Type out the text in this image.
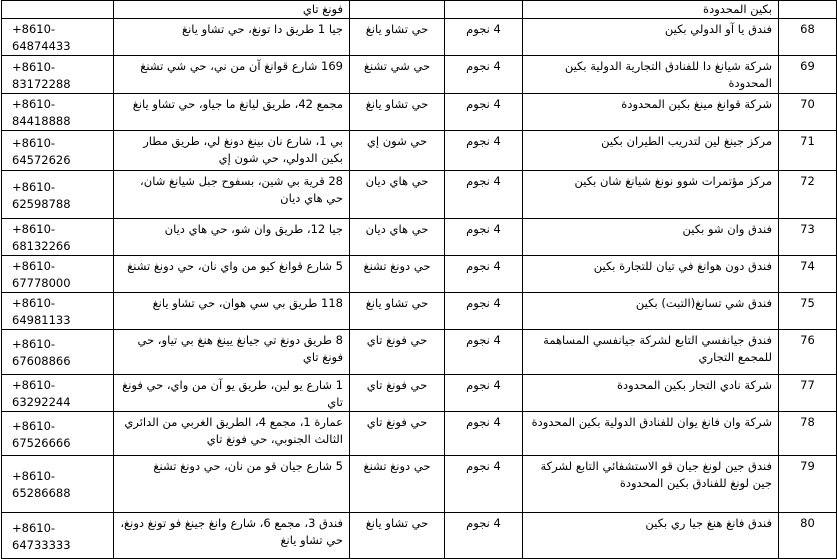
	بكين المحدودة			فونغ تاي	
68	فندق يا آو الدولي بكين	4 نجوم	حي تشاو يانغ	جيا 1 طريق دا تونغ، حي تشاو يانغ	+8610-64874433
69	شركة شيانغ دا للفنادق التجارية الدولية بكين المحدودة	4 نجوم	حي شي تشنغ	169 شارع قوانغ آن من ني، حي شي تشنغ	+8610-83172288
70	شركة قوانغ مينغ بكين المحدودة	4 نجوم	حي تشاو يانغ	مجمع 42، طريق ليانغ ما جياو، حي تشاو يانغ	+8610-84418888
71	مركز جينغ لين لتدريب الطيران بكين	4 نجوم	حي شون إي	بي 1، شارع نان بينغ دونغ لي، طريق مطار بكين الدولي، حي شون إي	+8610-64572626
72	مركز مؤتمرات شوو نونغ شيانغ شان بكين	4 نجوم	حي هاي ديان	28 قرية بي شين، بسفوح جبل شيانغ شان، حي هاي ديان	+8610-62598788
73	فندق وان شو بكين	4 نجوم	حي هاي ديان	جيا 12، طريق وان شو، حي هاي ديان	+8610-68132266
74	فندق دون هوانغ في تيان للتجارة بكين	4 نجوم	حي دونغ تشنغ	5 شارع قوانغ كيو من واي نان، حي دونغ تشنغ	+8610-67778000
75	فندق شي تسانغ(التبت) بكين	4 نجوم	حي تشاو يانغ	118 طريق بي سي هوان، حي تشاو يانغ	+8610-64981133
76	فندق جيانفسي التابع لشركة جيانفسي المساهمة للمجمع التجاري	4 نجوم	حي فونغ تاي	8 طريق دونغ تي جيانغ يينغ هنغ بي تياو، حي فونغ تاي	+8610-67608866
77	شركة نادي التجار بكين المحدودة	4 نجوم	حي فونغ تاي	1 شارع يو لين، طريق يو آن من واي، حي فونغ تاي	+8610-63292244
78	شركة وان فانغ يوان للفنادق الدولية بكين المحدودة	4 نجوم	حي فونغ تاي	عمارة 1، مجمع 4، الطريق الغربي من الدائري الثالث الجنوبي، حي فونغ تاي	+8610-67526666
79	فندق جين لونغ جيان قو الاستشفائي التابع لشركة جين لونغ للفنادق بكين المحدودة	4 نجوم	حي دونغ تشنغ	5 شارع جيان قو من نان، حي دونغ تشنغ	+8610-65286688
80	فندق فانغ هنغ جيا ري بكين	4 نجوم	حي تشاو يانغ	فندق 3، مجمع 6، شارع وانغ جينغ فو تونغ دونغ، حي تشاو يانغ	+8610-64733333
